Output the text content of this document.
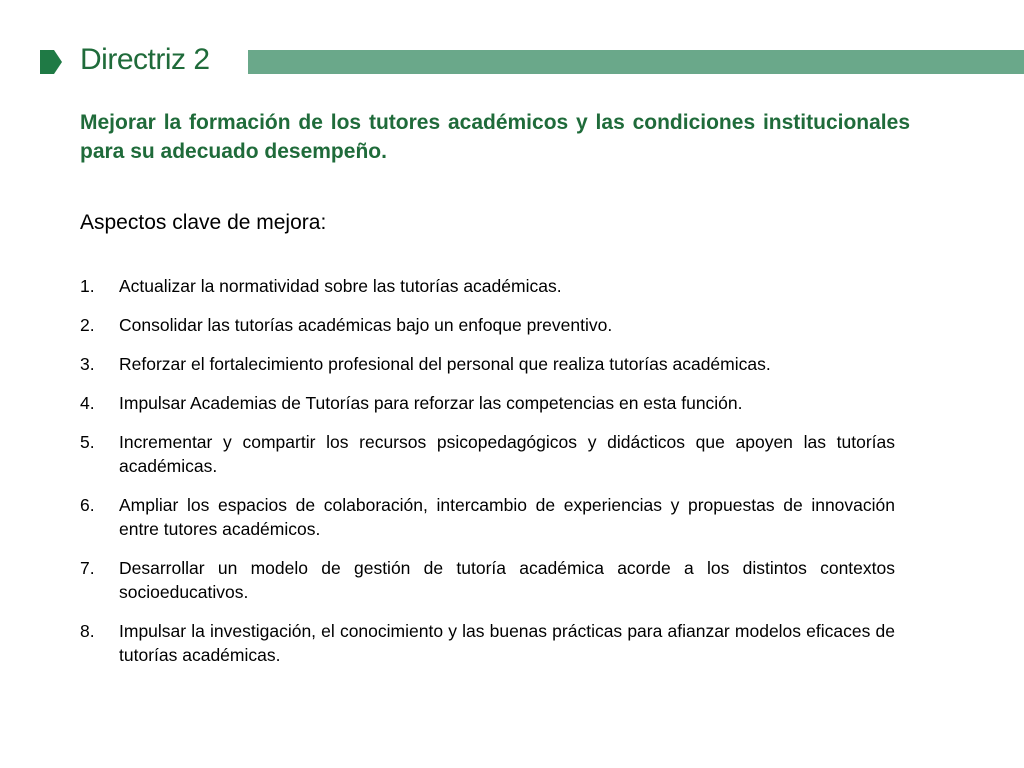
Directriz 2
Mejorar la formación de los tutores académicos y las condiciones institucionales para su adecuado desempeño.
Aspectos clave de mejora:
1.	Actualizar la normatividad sobre las tutorías académicas.
2.	Consolidar las tutorías académicas bajo un enfoque preventivo.
3.	Reforzar el fortalecimiento profesional del personal que realiza tutorías académicas.
4.	Impulsar Academias de Tutorías para reforzar las competencias en esta función.
5.	Incrementar y compartir los recursos psicopedagógicos y didácticos que apoyen las tutorías académicas.
6.	Ampliar los espacios de colaboración, intercambio de experiencias y propuestas de innovación entre tutores académicos.
7.	Desarrollar un modelo de gestión de tutoría académica acorde a los distintos contextos socioeducativos.
8.	Impulsar la investigación, el conocimiento y las buenas prácticas para afianzar modelos eficaces de tutorías académicas.
